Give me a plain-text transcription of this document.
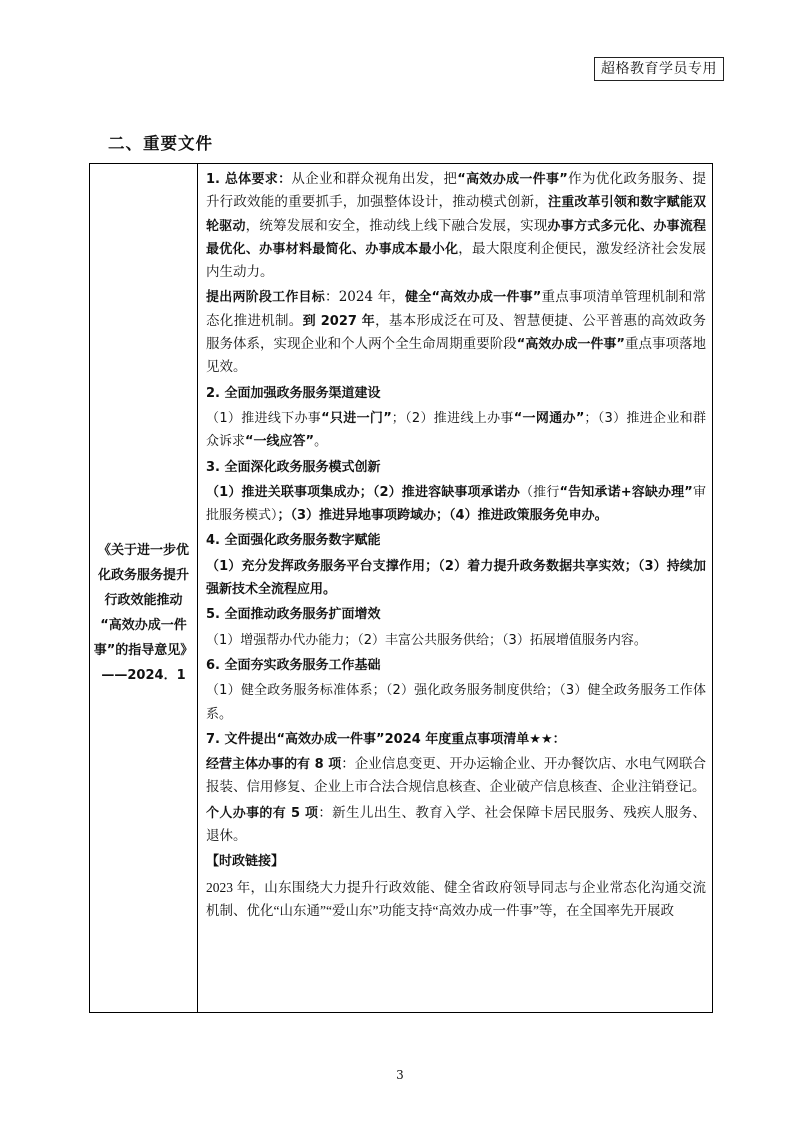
超格教育学员专用
二、重要文件
《关于进一步优
化政务服务提升
行政效能推动
“高效办成一件
事”的指导意见》
——2024．1

1. 总体要求：从企业和群众视角出发，把“高效办成一件事”作为优化政务服务、提升行政效能的重要抓手，加强整体设计，推动模式创新，注重改革引领和数字赋能双轮驱动，统筹发展和安全，推动线上线下融合发展，实现办事方式多元化、办事流程最优化、办事材料最简化、办事成本最小化，最大限度利企便民，激发经济社会发展内生动力。

提出两阶段工作目标：2024 年，健全“高效办成一件事”重点事项清单管理机制和常态化推进机制。到 2027 年，基本形成泛在可及、智慧便捷、公平普惠的高效政务服务体系，实现企业和个人两个全生命周期重要阶段“高效办成一件事”重点事项落地见效。

2. 全面加强政务服务渠道建设

（1）推进线下办事“只进一门”；（2）推进线上办事“一网通办”；（3）推进企业和群众诉求“一线应答”。

3. 全面深化政务服务模式创新

（1）推进关联事项集成办；（2）推进容缺事项承诺办（推行“告知承诺+容缺办理”审批服务模式）；（3）推进异地事项跨域办；（4）推进政策服务免申办。

4. 全面强化政务服务数字赋能

（1）充分发挥政务服务平台支撑作用；（2）着力提升政务数据共享实效；（3）持续加强新技术全流程应用。

5. 全面推动政务服务扩面增效

（1）增强帮办代办能力；（2）丰富公共服务供给；（3）拓展增值服务内容。

6. 全面夯实政务服务工作基础

（1）健全政务服务标准体系；（2）强化政务服务制度供给；（3）健全政务服务工作体系。

7. 文件提出“高效办成一件事”2024 年度重点事项清单★★：

经营主体办事的有 8 项：企业信息变更、开办运输企业、开办餐饮店、水电气网联合报装、信用修复、企业上市合法合规信息核查、企业破产信息核查、企业注销登记。

个人办事的有 5 项：新生儿出生、教育入学、社会保障卡居民服务、残疾人服务、退休。

【时政链接】

2023 年，山东围绕大力提升行政效能、健全省政府领导同志与企业常态化沟通交流机制、优化“山东通”“爱山东”功能支持“高效办成一件事”等，在全国率先开展政

3
